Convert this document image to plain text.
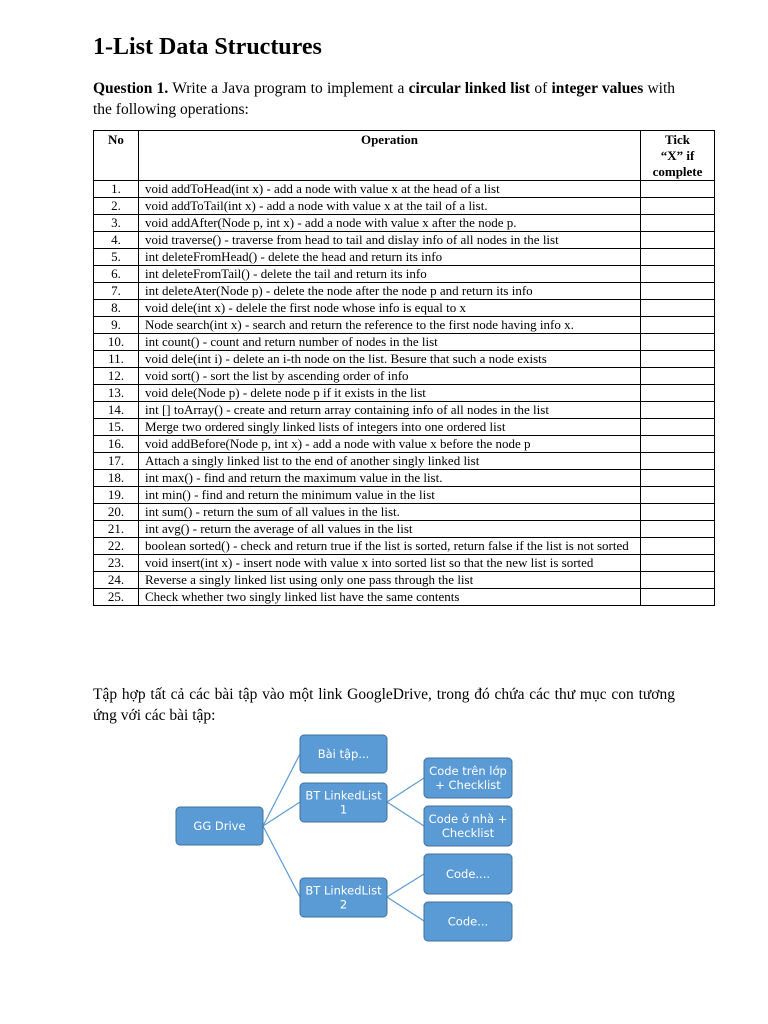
1-List Data Structures

Question 1. Write a Java program to implement a circular linked list of integer values with the following operations:

No	Operation	Tick
“X” if
complete
1.	void addToHead(int x) - add a node with value x at the head of a list	
2.	void addToTail(int x) - add a node with value x at the tail of a list.	
3.	void addAfter(Node p, int x) - add a node with value x after the node p.	
4.	void traverse() - traverse from head to tail and dislay info of all nodes in the list	
5.	int deleteFromHead() - delete the head and return its info	
6.	int deleteFromTail() - delete the tail and return its info	
7.	int deleteAter(Node p) - delete the node after the node p and return its info	
8.	void dele(int x) - delele the first node whose info is equal to x	
9.	Node search(int x) - search and return the reference to the first node having info x.	
10.	int count() - count and return number of nodes in the list	
11.	void dele(int i) - delete an i-th node on the list. Besure that such a node exists	
12.	void sort() - sort the list by ascending order of info	
13.	void dele(Node p) - delete node p if it exists in the list	
14.	int [] toArray() - create and return array containing info of all nodes in the list	
15.	Merge two ordered singly linked lists of integers into one ordered list	
16.	void addBefore(Node p, int x) - add a node with value x before the node p	
17.	Attach a singly linked list to the end of another singly linked list	
18.	int max() - find and return the maximum value in the list.	
19.	int min() - find and return the minimum value in the list	
20.	int sum() - return the sum of all values in the list.	
21.	int avg() - return the average of all values in the list	
22.	boolean sorted() - check and return true if the list is sorted, return false if the list is not sorted	
23.	void insert(int x) - insert node with value x into sorted list so that the new list is sorted	
24.	Reverse a singly linked list using only one pass through the list	
25.	Check whether two singly linked list have the same contents	

Tập hợp tất cả các bài tập vào một link GoogleDrive, trong đó chứa các thư mục con tương ứng với các bài tập:

GG Drive
Bài tập...
BT LinkedList
1
BT LinkedList
2
Code trên lớp
+ Checklist
Code ở nhà +
Checklist
Code....
Code...
